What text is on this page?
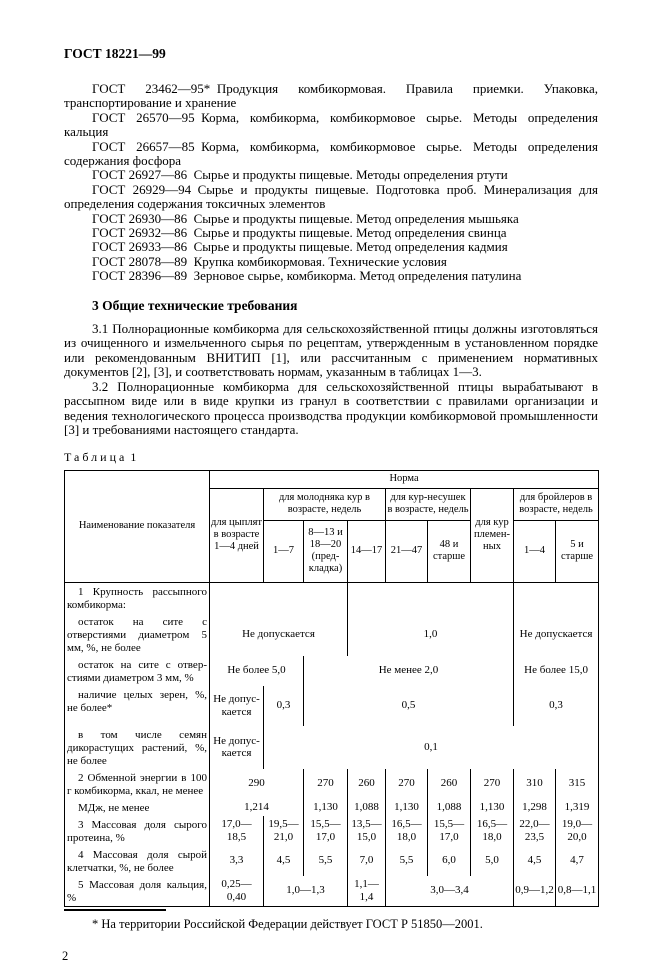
ГОСТ 18221—99

ГОСТ 23462—95* Продукция комбикормовая. Правила приемки. Упаковка, транспортирование и хранение

ГОСТ 26570—95 Корма, комбикорма, комбикормовое сырье. Методы определения кальция

ГОСТ 26657—85 Корма, комбикорма, комбикормовое сырье. Методы определения содержания фосфора

ГОСТ 26927—86 Сырье и продукты пищевые. Методы определения ртути

ГОСТ 26929—94 Сырье и продукты пищевые. Подготовка проб. Минерализация для определения содержания токсичных элементов

ГОСТ 26930—86 Сырье и продукты пищевые. Метод определения мышьяка

ГОСТ 26932—86 Сырье и продукты пищевые. Метод определения свинца

ГОСТ 26933—86 Сырье и продукты пищевые. Метод определения кадмия

ГОСТ 28078—89 Крупка комбикормовая. Технические условия

ГОСТ 28396—89 Зерновое сырье, комбикорма. Метод определения патулина

3 Общие технические требования

3.1 Полнорационные комбикорма для сельскохозяйственной птицы должны изготовляться из очищенного и измельченного сырья по рецептам, утвержденным в установленном порядке или рекомендованным ВНИТИП [1], или рассчитанным с применением нормативных документов [2], [3], и соответствовать нормам, указанным в таблицах 1—3.

3.2 Полнорационные комбикорма для сельскохозяйственной птицы вырабатывают в рассыпном виде или в виде крупки из гранул в соответствии с правилами организации и ведения технологического процесса производства продукции комбикормовой промышленности [3] и требованиями настоящего стандарта.

Таблица 1
Наименование показателя	Норма								
	для цыплят в возрасте 1—4 дней	для молодняка кур в возрасте, недель			для кур-несушек в возрасте, недель		для кур племенных	для бройлеров в возрасте, недель	
		1—7	8—13 и 18—20 (предкладка)	14—17	21—47	48 и старше		1—4	5 и старше
1 Крупность рассыпного комбикорма:									
остаток на сите с отверстиями диаметром 5 мм, %, не более	Не допускается			1,0				Не допускается	
остаток на сите с отверстиями диаметром 3 мм, %	Не более 5,0		Не менее 2,0					Не более 15,0	
наличие целых зерен, %, не более*	Не допускается	0,3	0,5					0,3	
в том числе семян дикорастущих растений, %, не более	Не допускается	0,1							
2 Обменной энергии в 100 г комбикорма, ккал, не менее	290		270	260	270	260	270	310	315
МДж, не менее	1,214		1,130	1,088	1,130	1,088	1,130	1,298	1,319
3 Массовая доля сырого протеина, %	17,0— 18,5	19,5— 21,0	15,5— 17,0	13,5— 15,0	16,5— 18,0	15,5— 17,0	16,5— 18,0	22,0— 23,5	19,0— 20,0
4 Массовая доля сырой клетчатки, %, не более	3,3	4,5	5,5	7,0	5,5	6,0	5,0	4,5	4,7
5 Массовая доля кальция, %	0,25— 0,40	1,0—1,3		1,1—1,4	3,0—3,4			0,9—1,2	0,8—1,1

* На территории Российской Федерации действует ГОСТ Р 51850—2001.

2
